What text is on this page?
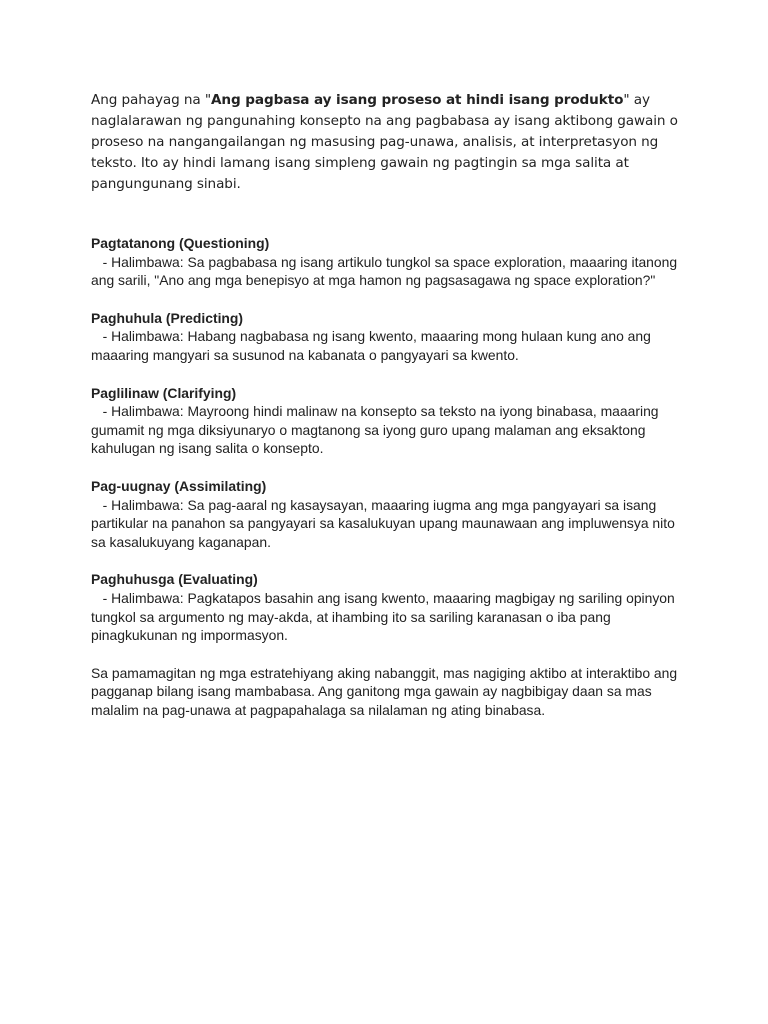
Ang pahayag na "Ang pagbasa ay isang proseso at hindi isang produkto" ay naglalarawan ng pangunahing konsepto na ang pagbabasa ay isang aktibong gawain o proseso na nangangailangan ng masusing pag-unawa, analisis, at interpretasyon ng teksto. Ito ay hindi lamang isang simpleng gawain ng pagtingin sa mga salita at pangungunang sinabi.

Pagtatanong (Questioning)
- Halimbawa: Sa pagbabasa ng isang artikulo tungkol sa space exploration, maaaring itanong ang sarili, "Ano ang mga benepisyo at mga hamon ng pagsasagawa ng space exploration?"
Paghuhula (Predicting)
- Halimbawa: Habang nagbabasa ng isang kwento, maaaring mong hulaan kung ano ang maaaring mangyari sa susunod na kabanata o pangyayari sa kwento.
Paglilinaw (Clarifying)
- Halimbawa: Mayroong hindi malinaw na konsepto sa teksto na iyong binabasa, maaaring gumamit ng mga diksiyunaryo o magtanong sa iyong guro upang malaman ang eksaktong kahulugan ng isang salita o konsepto.
Pag-uugnay (Assimilating)
- Halimbawa: Sa pag-aaral ng kasaysayan, maaaring iugma ang mga pangyayari sa isang partikular na panahon sa pangyayari sa kasalukuyan upang maunawaan ang impluwensya nito sa kasalukuyang kaganapan.
Paghuhusga (Evaluating)
- Halimbawa: Pagkatapos basahin ang isang kwento, maaaring magbigay ng sariling opinyon tungkol sa argumento ng may-akda, at ihambing ito sa sariling karanasan o iba pang pinagkukunan ng impormasyon.

Sa pamamagitan ng mga estratehiyang aking nabanggit, mas nagiging aktibo at interaktibo ang pagganap bilang isang mambabasa. Ang ganitong mga gawain ay nagbibigay daan sa mas malalim na pag-unawa at pagpapahalaga sa nilalaman ng ating binabasa.
